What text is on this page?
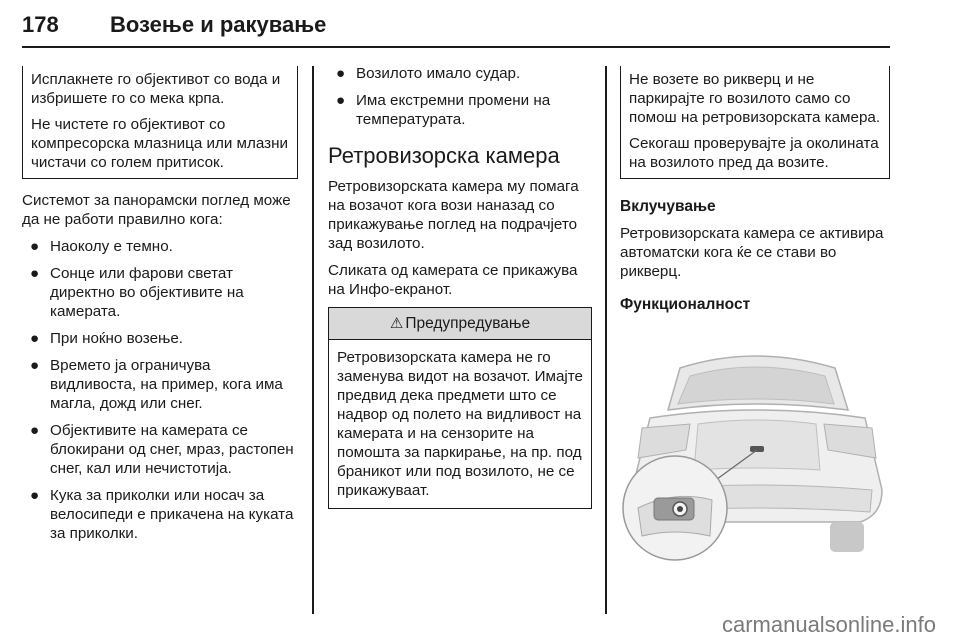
178 Возење и ракување

Исплакнете го објективот со вода и избришете го со мека крпа.

Не чистете го објективот со компресорска млазница или млазни чистачи со голем притисок.

Системот за панорамски поглед може да не работи правилно кога:

● Наоколу е темно.
● Сонце или фарови светат директно во објективите на камерата.
● При ноќно возење.
● Времето ја ограничува видливоста, на пример, кога има магла, дожд или снег.
● Објективите на камерата се блокирани од снег, мраз, растопен снег, кал или нечистотија.
● Кука за приколки или носач за велосипеди е прикачена на куката за приколки.
● Возилото имало судар.
● Има екстремни промени на температурата.
Ретровизорска камера

Ретровизорската камера му помага на возачот кога вози наназад со прикажување поглед на подрачјето зад возилото.

Сликата од камерата се прикажува на Инфо-екранот.

⚠ Предупредување
Ретровизорската камера не го заменува видот на возачот. Имајте предвид дека предмети што се надвор од полето на видливост на камерата и на сензорите на помошта за паркирање, на пр. под браникот или под возилото, не се прикажуваат.

Не возете во рикверц и не паркирајте го возилото само со помош на ретровизорската камера.

Секогаш проверувајте ја околината на возилото пред да возите.

Вклучување

Ретровизорската камера се активира автоматски кога ќе се стави во рикверц.

Функционалност
carmanualsonline.info
